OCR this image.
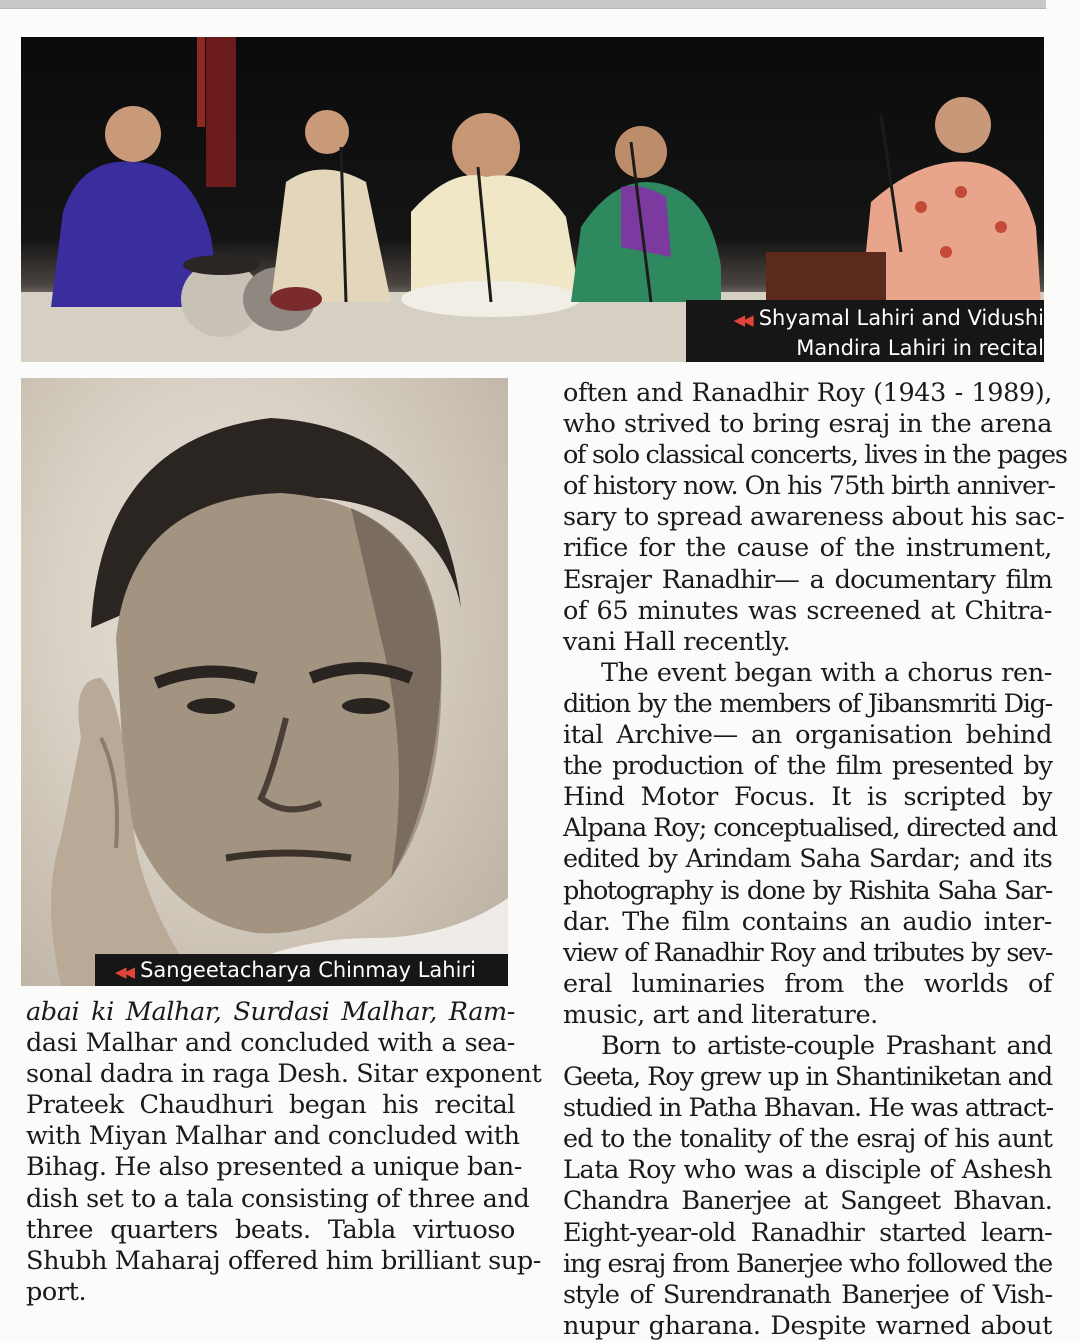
◀◀ Shyamal Lahiri and Vidushi
Mandira Lahiri in recital
◀◀ Sangeetacharya Chinmay Lahiri

abai ki Malhar, Surdasi Malhar, Ram-
dasi Malhar and concluded with a sea-
sonal dadra in raga Desh. Sitar exponent
Prateek Chaudhuri began his recital
with Miyan Malhar and concluded with
Bihag. He also presented a unique ban-
dish set to a tala consisting of three and
three quarters beats. Tabla virtuoso
Shubh Maharaj offered him brilliant sup-
port.

often and Ranadhir Roy (1943 - 1989),
who strived to bring esraj in the arena
of solo classical concerts, lives in the pages
of history now. On his 75th birth anniver-
sary to spread awareness about his sac-
rifice for the cause of the instrument,
Esrajer Ranadhir— a documentary film
of 65 minutes was screened at Chitra-
vani Hall recently.

The event began with a chorus ren-
dition by the members of Jibansmriti Dig-
ital Archive— an organisation behind
the production of the film presented by
Hind Motor Focus. It is scripted by
Alpana Roy; conceptualised, directed and
edited by Arindam Saha Sardar; and its
photography is done by Rishita Saha Sar-
dar. The film contains an audio inter-
view of Ranadhir Roy and tributes by sev-
eral luminaries from the worlds of
music, art and literature.

Born to artiste-couple Prashant and
Geeta, Roy grew up in Shantiniketan and
studied in Patha Bhavan. He was attract-
ed to the tonality of the esraj of his aunt
Lata Roy who was a disciple of Ashesh
Chandra Banerjee at Sangeet Bhavan.
Eight-year-old Ranadhir started learn-
ing esraj from Banerjee who followed the
style of Surendranath Banerjee of Vish-
nupur gharana. Despite warned about
